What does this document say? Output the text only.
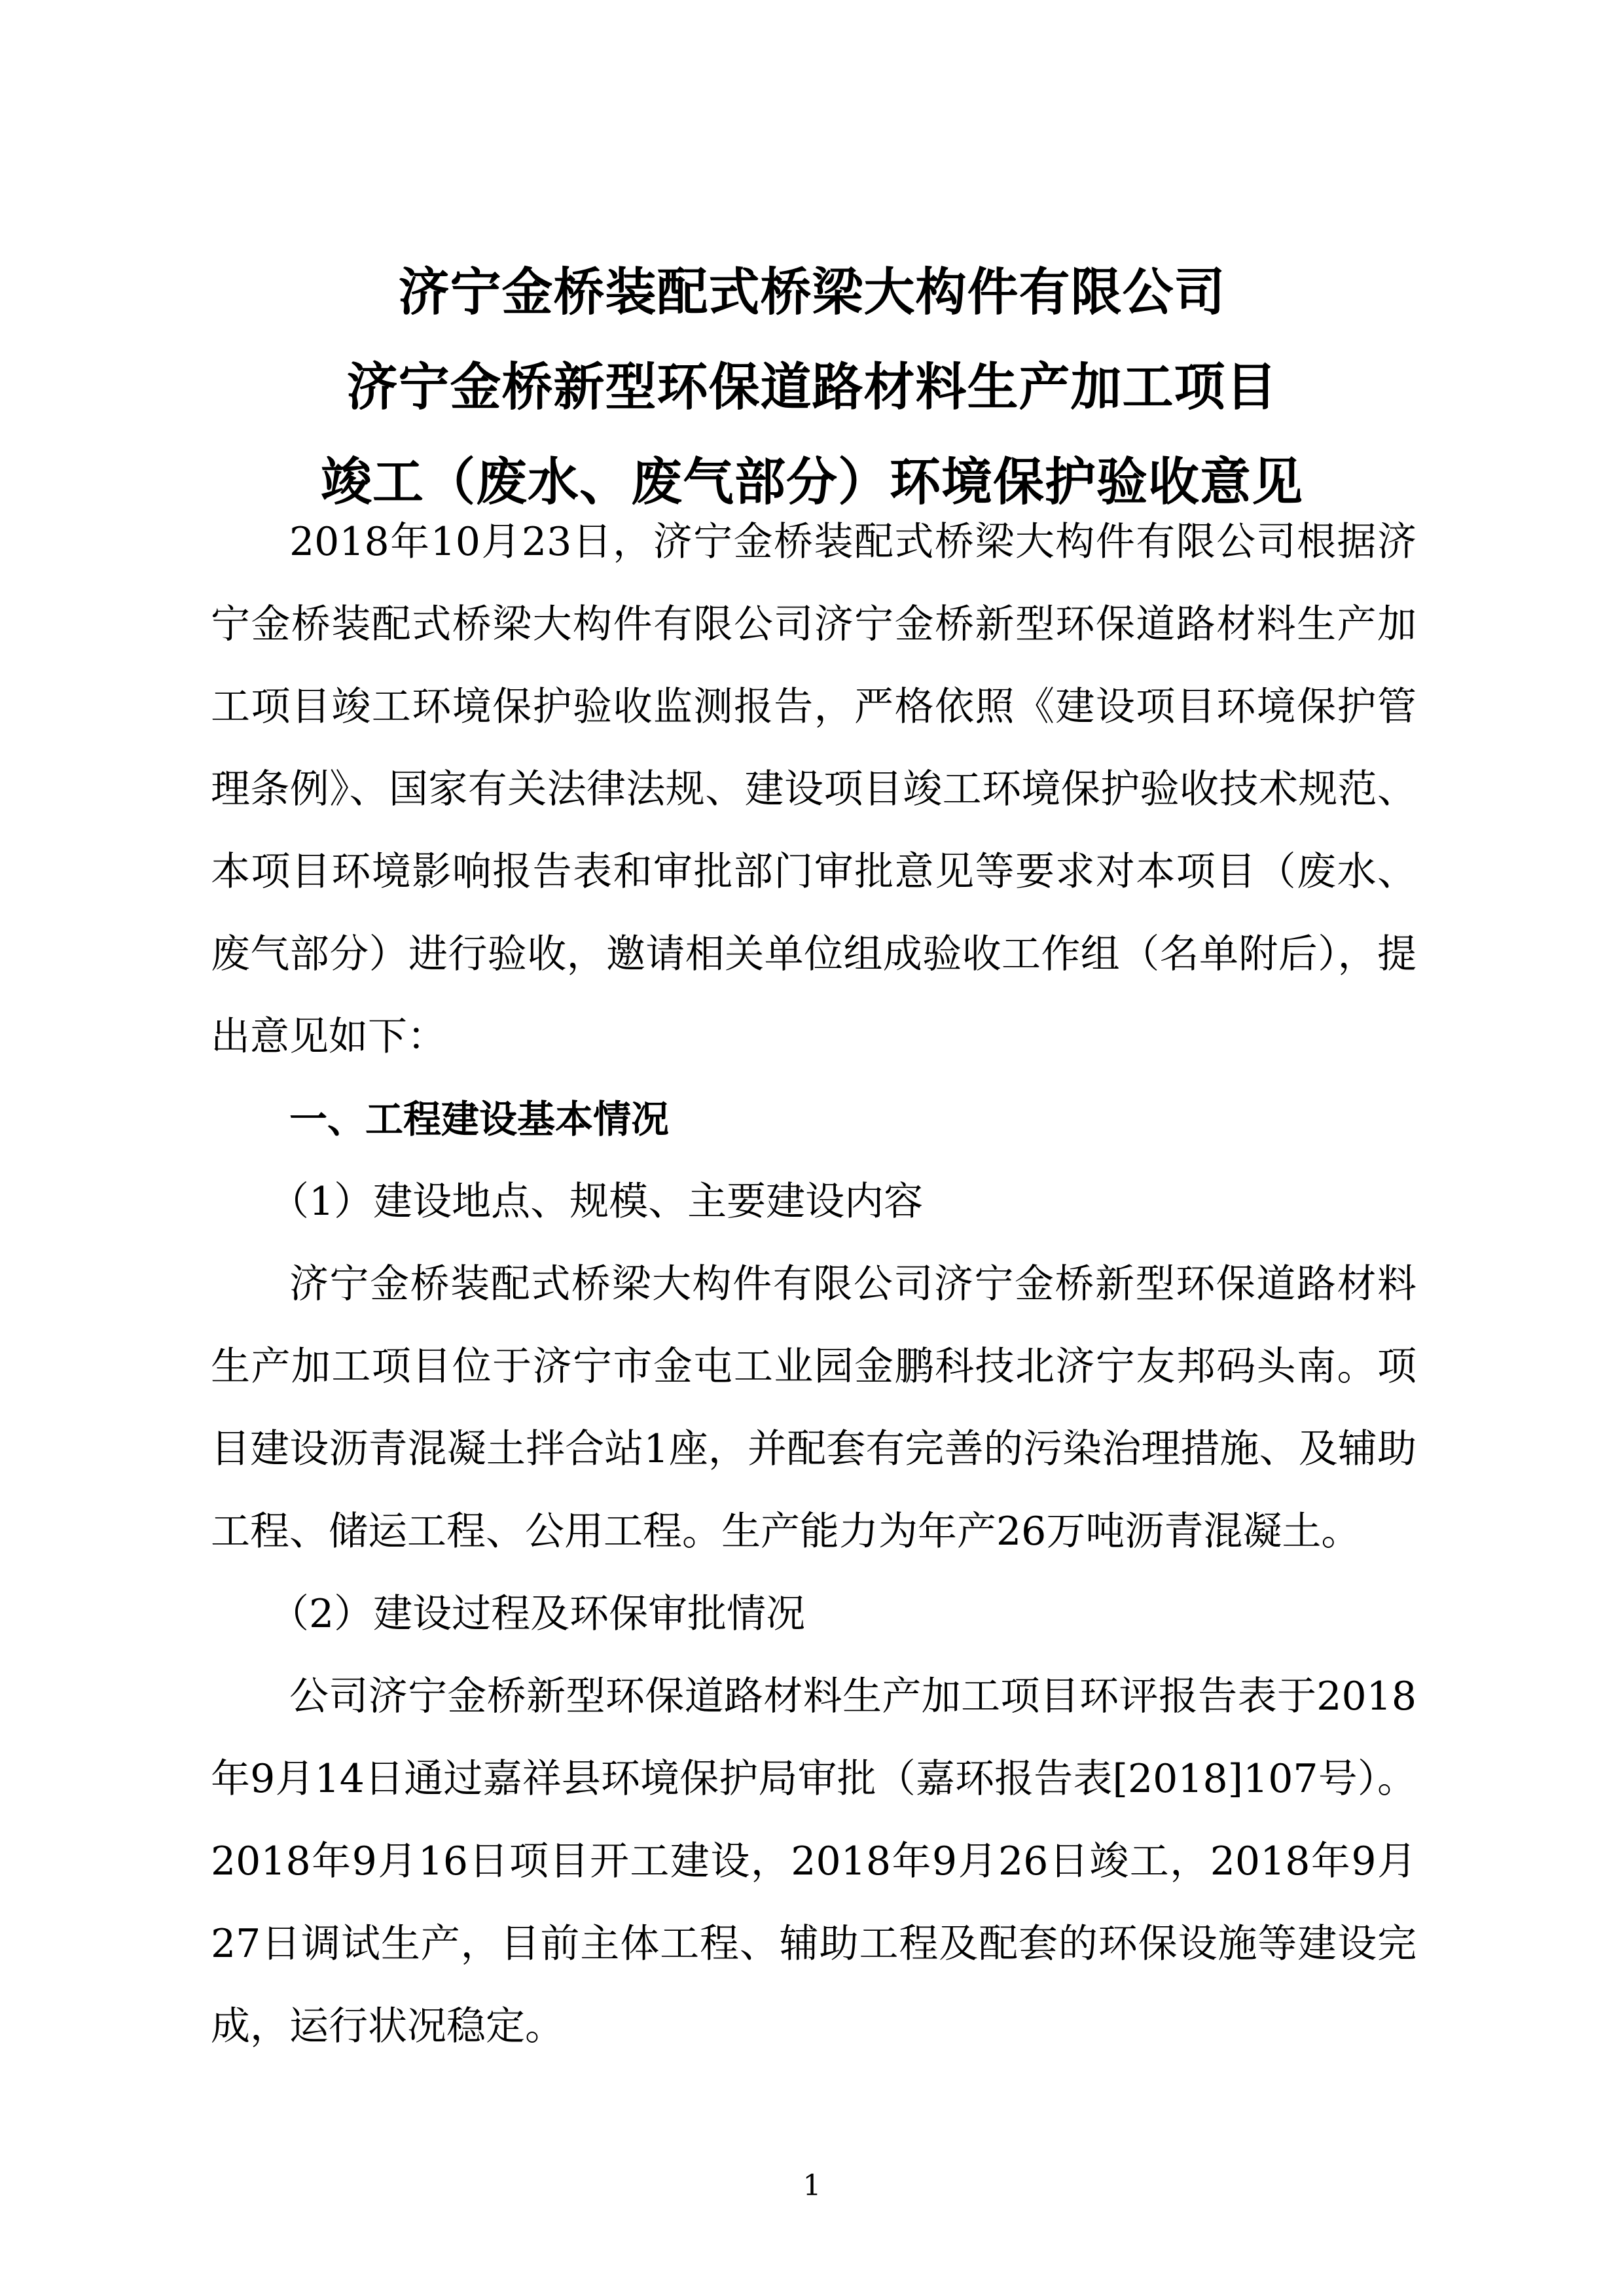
济宁金桥装配式桥梁大构件有限公司
济宁金桥新型环保道路材料生产加工项目
竣工（废水、废气部分）环境保护验收意见

2018年10月23日，济宁金桥装配式桥梁大构件有限公司根据济宁金桥装配式桥梁大构件有限公司济宁金桥新型环保道路材料生产加工项目竣工环境保护验收监测报告，严格依照《建设项目环境保护管理条例》、国家有关法律法规、建设项目竣工环境保护验收技术规范、本项目环境影响报告表和审批部门审批意见等要求对本项目（废水、废气部分）进行验收，邀请相关单位组成验收工作组（名单附后），提出意见如下：

一、工程建设基本情况

（1）建设地点、规模、主要建设内容

济宁金桥装配式桥梁大构件有限公司济宁金桥新型环保道路材料生产加工项目位于济宁市金屯工业园金鹏科技北济宁友邦码头南。项目建设沥青混凝土拌合站1座，并配套有完善的污染治理措施、及辅助工程、储运工程、公用工程。生产能力为年产26万吨沥青混凝土。

（2）建设过程及环保审批情况

公司济宁金桥新型环保道路材料生产加工项目环评报告表于2018年9月14日通过嘉祥县环境保护局审批（嘉环报告表[2018]107号）。2018年9月16日项目开工建设，2018年9月26日竣工，2018年9月27日调试生产，目前主体工程、辅助工程及配套的环保设施等建设完成，运行状况稳定。

1
